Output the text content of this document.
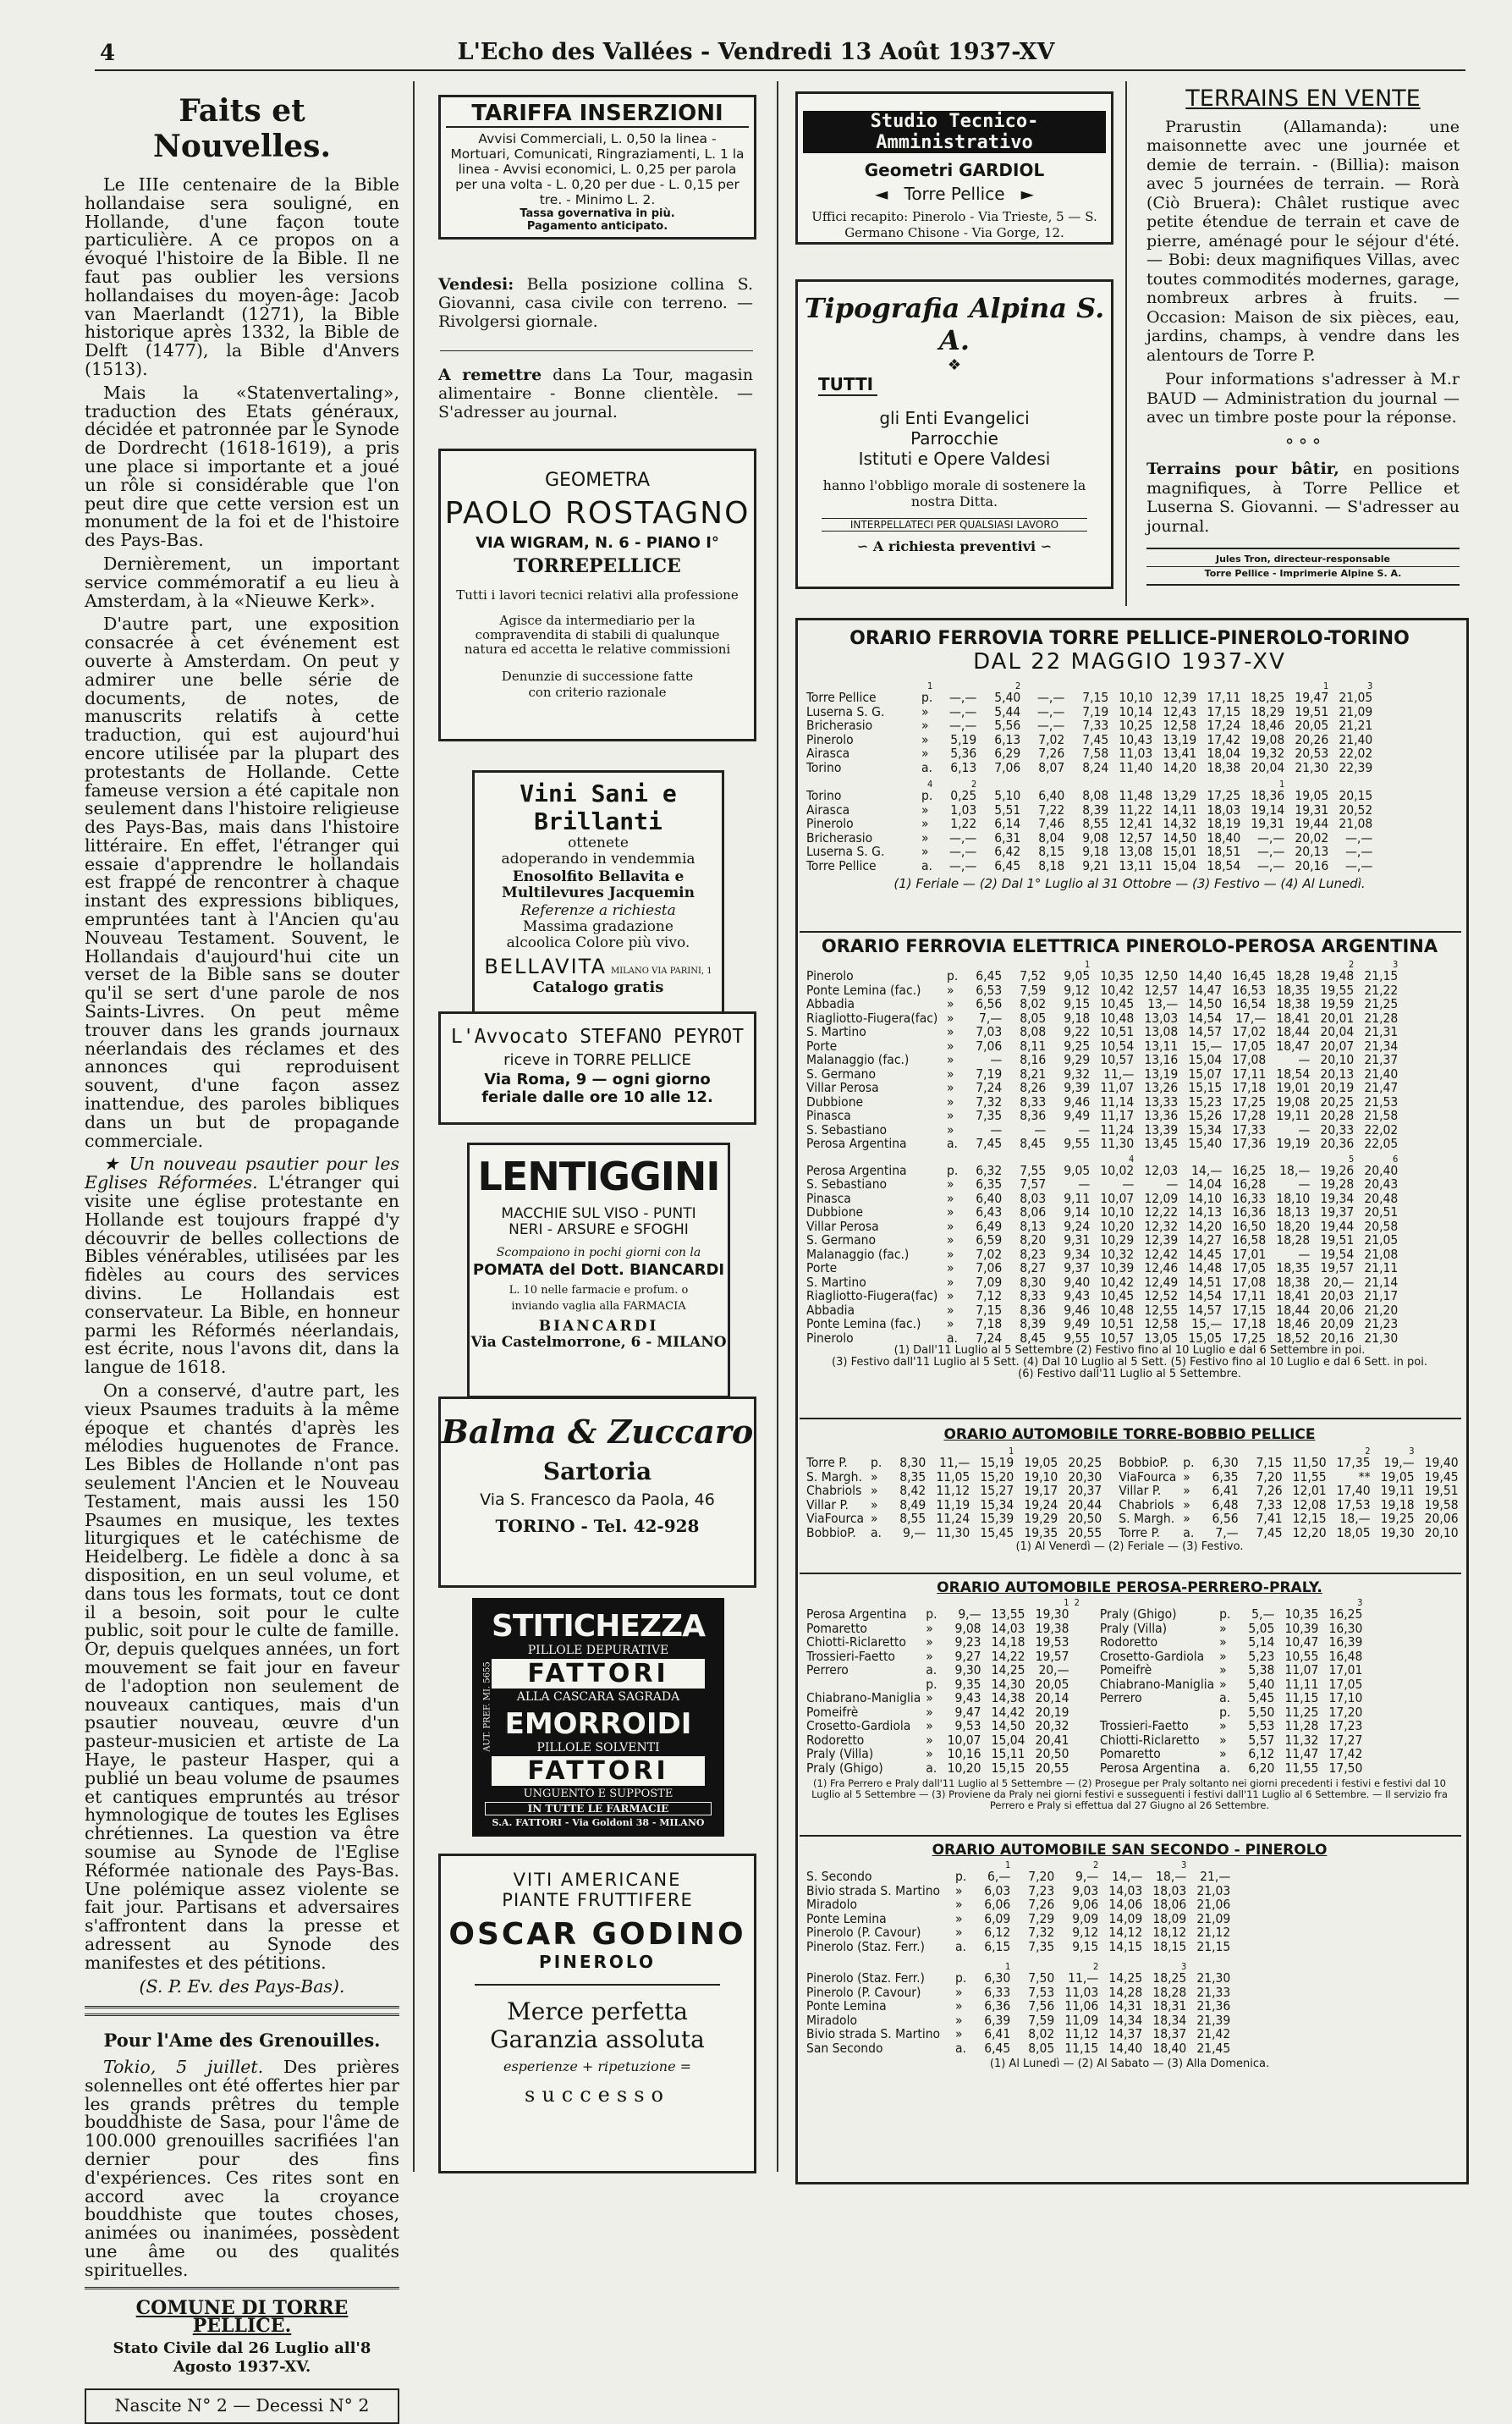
4	L'Echo des Vallées - Vendredi 13 Août 1937-XV
Faits et Nouvelles.

Le IIIe centenaire de la Bible hollandaise sera souligné, en Hollande, d'une façon toute particulière. A ce propos on a évoqué l'histoire de la Bible. Il ne faut pas oublier les versions hollandaises du moyen-âge: Jacob van Maerlandt (1271), la Bible historique après 1332, la Bible de Delft (1477), la Bible d'Anvers (1513).

Mais la «Statenvertaling», traduction des Etats généraux, décidée et patronnée par le Synode de Dordrecht (1618-1619), a pris une place si importante et a joué un rôle si considérable que l'on peut dire que cette version est un monument de la foi et de l'histoire des Pays-Bas.

Dernièrement, un important service commémoratif a eu lieu à Amsterdam, à la «Nieuwe Kerk».

D'autre part, une exposition consacrée à cet événement est ouverte à Amsterdam. On peut y admirer une belle série de documents, de notes, de manuscrits relatifs à cette traduction, qui est aujourd'hui encore utilisée par la plupart des protestants de Hollande. Cette fameuse version a été capitale non seulement dans l'histoire religieuse des Pays-Bas, mais dans l'histoire littéraire. En effet, l'étranger qui essaie d'apprendre le hollandais est frappé de rencontrer à chaque instant des expressions bibliques, empruntées tant à l'Ancien qu'au Nouveau Testament. Souvent, le Hollandais d'aujourd'hui cite un verset de la Bible sans se douter qu'il se sert d'une parole de nos Saints-Livres. On peut même trouver dans les grands journaux néerlandais des réclames et des annonces qui reproduisent souvent, d'une façon assez inattendue, des paroles bibliques dans un but de propagande commerciale.

★ Un nouveau psautier pour les Eglises Réformées. L'étranger qui visite une église protestante en Hollande est toujours frappé d'y découvrir de belles collections de Bibles vénérables, utilisées par les fidèles au cours des services divins. Le Hollandais est conservateur. La Bible, en honneur parmi les Réformés néerlandais, est écrite, nous l'avons dit, dans la langue de 1618.

On a conservé, d'autre part, les vieux Psaumes traduits à la même époque et chantés d'après les mélodies huguenotes de France. Les Bibles de Hollande n'ont pas seulement l'Ancien et le Nouveau Testament, mais aussi les 150 Psaumes en musique, les textes liturgiques et le catéchisme de Heidelberg. Le fidèle a donc à sa disposition, en un seul volume, et dans tous les formats, tout ce dont il a besoin, soit pour le culte public, soit pour le culte de famille. Or, depuis quelques années, un fort mouvement se fait jour en faveur de l'adoption non seulement de nouveaux cantiques, mais d'un psautier nouveau, œuvre d'un pasteur-musicien et artiste de La Haye, le pasteur Hasper, qui a publié un beau volume de psaumes et cantiques empruntés au trésor hymnologique de toutes les Eglises chrétiennes. La question va être soumise au Synode de l'Eglise Réformée nationale des Pays-Bas. Une polémique assez violente se fait jour. Partisans et adversaires s'affrontent dans la presse et adressent au Synode des manifestes et des pétitions.

(S. P. Ev. des Pays-Bas).
Pour l'Ame des Grenouilles.

Tokio, 5 juillet. Des prières solennelles ont été offertes hier par les grands prêtres du temple bouddhiste de Sasa, pour l'âme de 100.000 grenouilles sacrifiées l'an dernier pour des fins d'expériences. Ces rites sont en accord avec la croyance bouddhiste que toutes choses, animées ou inanimées, possèdent une âme ou des qualités spirituelles.

COMUNE DI TORRE PELLICE.
Stato Civile dal 26 Luglio all'8 Agosto 1937-XV.
Nascite N° 2 — Decessi N° 2
TARIFFA INSERZIONI
Avvisi Commerciali, L. 0,50 la linea - Mortuari, Comunicati, Ringraziamenti, L. 1 la linea - Avvisi economici, L. 0,25 per parola per una volta - L. 0,20 per due - L. 0,15 per tre. - Minimo L. 2.
Tassa governativa in più.
Pagamento anticipato.
Vendesi: Bella posizione collina S. Giovanni, casa civile con terreno. — Rivolgersi giornale.
A remettre dans La Tour, magasin alimentaire - Bonne clientèle. — S'adresser au journal.
GEOMETRA
PAOLO ROSTAGNO
VIA WIGRAM, N. 6 - PIANO I°
TORREPELLICE
Tutti i lavori tecnici relativi alla professione
Agisce da intermediario per la compravendita di stabili di qualunque natura ed accetta le relative commissioni
Denunzie di successione fatte con criterio razionale
Vini Sani e Brillanti
ottenete
adoperando in vendemmia
Enosolfito Bellavita e Multilevures Jacquemin
Referenze a richiesta
Massima gradazione alcoolica Colore più vivo.
BELLAVITA MILANO VIA PARINI, 1
Catalogo gratis
L'Avvocato STEFANO PEYROT
riceve in TORRE PELLICE
Via Roma, 9 — ogni giorno feriale dalle ore 10 alle 12.
LENTIGGINI
MACCHIE SUL VISO - PUNTI NERI - ARSURE e SFOGHI
Scompaiono in pochi giorni con la
POMATA del Dott. BIANCARDI
L. 10 nelle farmacie e profum. o inviando vaglia alla FARMACIA
BIANCARDI
Via Castelmorrone, 6 - MILANO
Balma & Zuccaro
Sartoria
Via S. Francesco da Paola, 46
TORINO - Tel. 42-928
STITICHEZZA
PILLOLE DEPURATIVE
FATTORI
ALLA CASCARA SAGRADA
EMORROIDI
PILLOLE SOLVENTI
FATTORI
UNGUENTO E SUPPOSTE
IN TUTTE LE FARMACIE
S.A. FATTORI - Via Goldoni 38 - MILANO
AUT. PREF. MI. 5655
VITI AMERICANE
PIANTE FRUTTIFERE
OSCAR GODINO
PINEROLO
Merce perfetta
Garanzia assoluta
esperienze + ripetuzione =
successo
Studio Tecnico-Amministrativo
Geometri GARDIOL
◄ Torre Pellice ►
Uffici recapito: Pinerolo - Via Trieste, 5 — S. Germano Chisone - Via Gorge, 12.
Tipografia Alpina S. A.
❖
TUTTI
gli Enti Evangelici
Parrocchie
Istituti e Opere Valdesi
hanno l'obbligo morale di sostenere la nostra Ditta.
INTERPELLATECI PER QUALSIASI LAVORO
∽ A richiesta preventivi ∽
TERRAINS EN VENTE

Prarustin (Allamanda): une maisonnette avec une journée et demie de terrain. - (Billia): maison avec 5 journées de terrain. — Rorà (Ciò Bruera): Châlet rustique avec petite étendue de terrain et cave de pierre, aménagé pour le séjour d'été. — Bobi: deux magnifiques Villas, avec toutes commodités modernes, garage, nombreux arbres à fruits. — Occasion: Maison de six pièces, eau, jardins, champs, à vendre dans les alentours de Torre P.

Pour informations s'adresser à M.r BAUD — Administration du journal — avec un timbre poste pour la réponse.

⚬⚬⚬

Terrains pour bâtir, en positions magnifiques, à Torre Pellice et Luserna S. Giovanni. — S'adresser au journal.

Jules Tron, directeur-responsable
Torre Pellice - Imprimerie Alpine S. A.
ORARIO FERROVIA TORRE PELLICE-PINEROLO-TORINO
DAL 22 MAGGIO 1937-XV
	1		2							1	3
Torre Pellice	p.	—,—	5,40	—,—	7,15	10,10	12,39	17,11	18,25	19,47	21,05
Luserna S. G.	»	—,—	5,44	—,—	7,19	10,14	12,43	17,15	18,29	19,51	21,09
Bricherasio	»	—,—	5,56	—,—	7,33	10,25	12,58	17,24	18,46	20,05	21,21
Pinerolo	»	5,19	6,13	7,02	7,45	10,43	13,19	17,42	19,08	20,26	21,40
Airasca	»	5,36	6,29	7,26	7,58	11,03	13,41	18,04	19,32	20,53	22,02
Torino	a.	6,13	7,06	8,07	8,24	11,40	14,20	18,38	20,04	21,30	22,39
	4	2							1		
Torino	p.	0,25	5,10	6,40	8,08	11,48	13,29	17,25	18,36	19,05	20,15
Airasca	»	1,03	5,51	7,22	8,39	11,22	14,11	18,03	19,14	19,31	20,52
Pinerolo	»	1,22	6,14	7,46	8,55	12,41	14,32	18,19	19,31	19,44	21,08
Bricherasio	»	—,—	6,31	8,04	9,08	12,57	14,50	18,40	—,—	20,02	—,—
Luserna S. G.	»	—,—	6,42	8,15	9,18	13,08	15,01	18,51	—,—	20,13	—,—
Torre Pellice	a.	—,—	6,45	8,18	9,21	13,11	15,04	18,54	—,—	20,16	—,—
(1) Feriale — (2) Dal 1° Luglio al 31 Ottobre — (3) Festivo — (4) Al Lunedì.
ORARIO FERROVIA ELETTRICA PINEROLO-PEROSA ARGENTINA
				1						2	3
Pinerolo	p.	6,45	7,52	9,05	10,35	12,50	14,40	16,45	18,28	19,48	21,15
Ponte Lemina (fac.)	»	6,53	7,59	9,12	10,42	12,57	14,47	16,53	18,35	19,55	21,22
Abbadia	»	6,56	8,02	9,15	10,45	13,—	14,50	16,54	18,38	19,59	21,25
Riagliotto-Fiugera(fac)	»	7,—	8,05	9,18	10,48	13,03	14,54	17,—	18,41	20,01	21,28
S. Martino	»	7,03	8,08	9,22	10,51	13,08	14,57	17,02	18,44	20,04	21,31
Porte	»	7,06	8,11	9,25	10,54	13,11	15,—	17,05	18,47	20,07	21,34
Malanaggio (fac.)	»	—	8,16	9,29	10,57	13,16	15,04	17,08	—	20,10	21,37
S. Germano	»	7,19	8,21	9,32	11,—	13,19	15,07	17,11	18,54	20,13	21,40
Villar Perosa	»	7,24	8,26	9,39	11,07	13,26	15,15	17,18	19,01	20,19	21,47
Dubbione	»	7,32	8,33	9,46	11,14	13,33	15,23	17,25	19,08	20,25	21,53
Pinasca	»	7,35	8,36	9,49	11,17	13,36	15,26	17,28	19,11	20,28	21,58
S. Sebastiano	»	—	—	—	11,24	13,39	15,34	17,33	—	20,33	22,02
Perosa Argentina	a.	7,45	8,45	9,55	11,30	13,45	15,40	17,36	19,19	20,36	22,05
					4					5	6
Perosa Argentina	p.	6,32	7,55	9,05	10,02	12,03	14,—	16,25	18,—	19,26	20,40
S. Sebastiano	»	6,35	7,57	—	—	—	14,04	16,28	—	19,28	20,43
Pinasca	»	6,40	8,03	9,11	10,07	12,09	14,10	16,33	18,10	19,34	20,48
Dubbione	»	6,43	8,06	9,14	10,10	12,22	14,13	16,36	18,13	19,37	20,51
Villar Perosa	»	6,49	8,13	9,24	10,20	12,32	14,20	16,50	18,20	19,44	20,58
S. Germano	»	6,59	8,20	9,31	10,29	12,39	14,27	16,58	18,28	19,51	21,05
Malanaggio (fac.)	»	7,02	8,23	9,34	10,32	12,42	14,45	17,01	—	19,54	21,08
Porte	»	7,06	8,27	9,37	10,39	12,46	14,48	17,05	18,35	19,57	21,11
S. Martino	»	7,09	8,30	9,40	10,42	12,49	14,51	17,08	18,38	20,—	21,14
Riagliotto-Fiugera(fac)	»	7,12	8,33	9,43	10,45	12,52	14,54	17,11	18,41	20,03	21,17
Abbadia	»	7,15	8,36	9,46	10,48	12,55	14,57	17,15	18,44	20,06	21,20
Ponte Lemina (fac.)	»	7,18	8,39	9,49	10,51	12,58	15,—	17,18	18,46	20,09	21,23
Pinerolo	a.	7,24	8,45	9,55	10,57	13,05	15,05	17,25	18,52	20,16	21,30
(1) Dall'11 Luglio al 5 Settembre (2) Festivo fino al 10 Luglio e dal 6 Settembre in poi.
(3) Festivo dall'11 Luglio al 5 Sett. (4) Dal 10 Luglio al 5 Sett. (5) Festivo fino al 10 Luglio e dal 6 Sett. in poi.
(6) Festivo dall'11 Luglio al 5 Settembre.
ORARIO AUTOMOBILE TORRE-BOBBIO PELLICE
				1		
Torre P.	p.	8,30	11,—	15,19	19,05	20,25
S. Margh.	»	8,35	11,05	15,20	19,10	20,30
Chabriols	»	8,42	11,12	15,27	19,17	20,37
Villar P.	»	8,49	11,19	15,34	19,24	20,44
ViaFourca	»	8,55	11,24	15,39	19,29	20,50
BobbioP.	a.	9,—	11,30	15,45	19,35	20,55
					2	3	
BobbioP.	p.	6,30	7,15	11,50	17,35	19,—	19,40
ViaFourca	»	6,35	7,20	11,55	**	19,05	19,45
Villar P.	»	6,41	7,26	12,01	17,40	19,11	19,51
Chabriols	»	6,48	7,33	12,08	17,53	19,18	19,58
S. Margh.	»	6,56	7,41	12,15	18,—	19,25	20,06
Torre P.	a.	7,—	7,45	12,20	18,05	19,30	20,10
(1) Al Venerdì — (2) Feriale — (3) Festivo.
ORARIO AUTOMOBILE PEROSA-PERRERO-PRALY.
				1	2
Perosa Argentina	p.	9,—	13,55	19,30	
Pomaretto	»	9,08	14,03	19,38	
Chiotti-Riclaretto	»	9,23	14,18	19,53	
Trossieri-Faetto	»	9,27	14,22	19,57	
Perrero	a.	9,30	14,25	20,—	
	p.	9,35	14,30	20,05	
Chiabrano-Maniglia	»	9,43	14,38	20,14	
Pomeifrè	»	9,47	14,42	20,19	
Crosetto-Gardiola	»	9,53	14,50	20,32	
Rodoretto	»	10,07	15,04	20,41	
Praly (Villa)	»	10,16	15,11	20,50	
Praly (Ghigo)	a.	10,20	15,15	20,55	
				3	
Praly (Ghigo)	p.	5,—	10,35	16,25	
Praly (Villa)	»	5,05	10,39	16,30	
Rodoretto	»	5,14	10,47	16,39	
Crosetto-Gardiola	»	5,23	10,55	16,48	
Pomeifrè	»	5,38	11,07	17,01	
Chiabrano-Maniglia	»	5,40	11,11	17,05	
Perrero	a.	5,45	11,15	17,10	
	p.	5,50	11,25	17,20	
Trossieri-Faetto	»	5,53	11,28	17,23	
Chiotti-Riclaretto	»	5,57	11,32	17,27	
Pomaretto	»	6,12	11,47	17,42	
Perosa Argentina	a.	6,20	11,55	17,50	
(1) Fra Perrero e Praly dall'11 Luglio al 5 Settembre — (2) Prosegue per Praly soltanto nei giorni precedenti i festivi e festivi dal 10 Luglio al 5 Settembre — (3) Proviene da Praly nei giorni festivi e susseguenti i festivi dall'11 Luglio al 6 Settembre. — Il servizio fra Perrero e Praly si effettua dal 27 Giugno al 26 Settembre.
ORARIO AUTOMOBILE SAN SECONDO - PINEROLO
		1		2		3	
S. Secondo	p.	6,—	7,20	9,—	14,—	18,—	21,—
Bivio strada S. Martino	»	6,03	7,23	9,03	14,03	18,03	21,03
Miradolo	»	6,06	7,26	9,06	14,06	18,06	21,06
Ponte Lemina	»	6,09	7,29	9,09	14,09	18,09	21,09
Pinerolo (P. Cavour)	»	6,12	7,32	9,12	14,12	18,12	21,12
Pinerolo (Staz. Ferr.)	a.	6,15	7,35	9,15	14,15	18,15	21,15
		1		2		3	
Pinerolo (Staz. Ferr.)	p.	6,30	7,50	11,—	14,25	18,25	21,30
Pinerolo (P. Cavour)	»	6,33	7,53	11,03	14,28	18,28	21,33
Ponte Lemina	»	6,36	7,56	11,06	14,31	18,31	21,36
Miradolo	»	6,39	7,59	11,09	14,34	18,34	21,39
Bivio strada S. Martino	»	6,41	8,02	11,12	14,37	18,37	21,42
San Secondo	a.	6,45	8,05	11,15	14,40	18,40	21,45
(1) Al Lunedì — (2) Al Sabato — (3) Alla Domenica.
